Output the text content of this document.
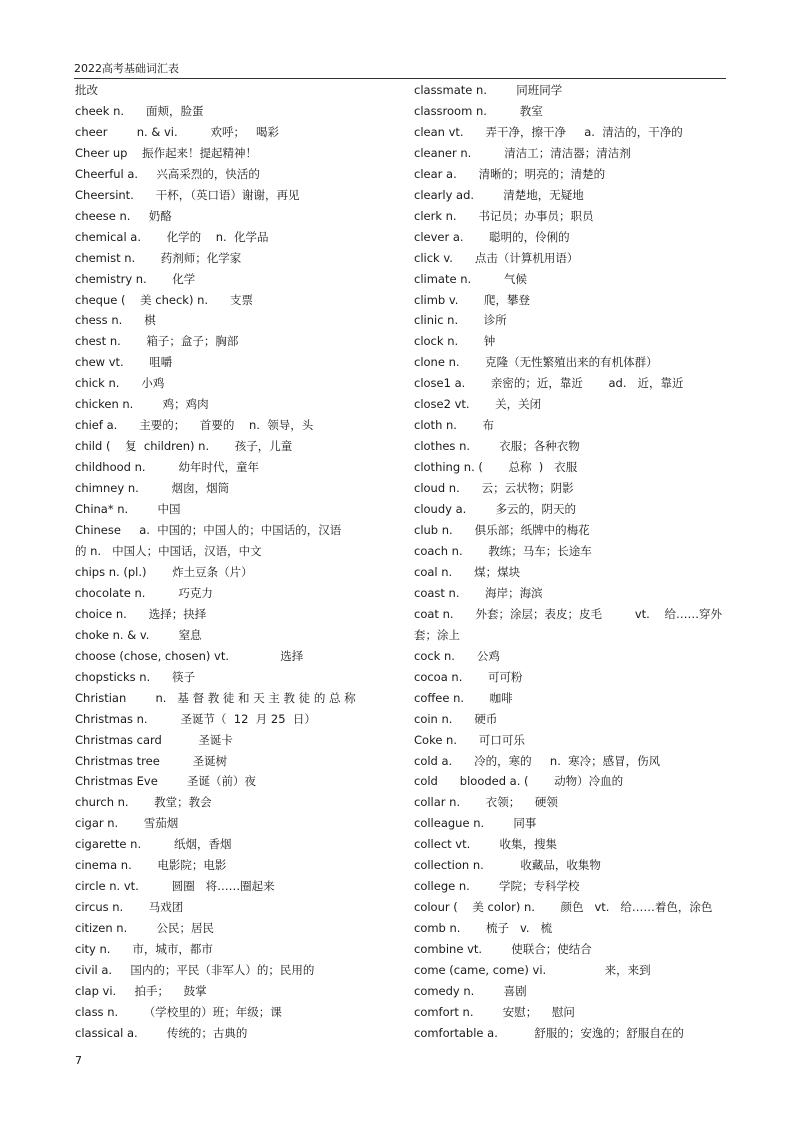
2022高考基础词汇表
批改
cheek n.      面颊，脸蛋
cheer        n. & vi.         欢呼；   喝彩
Cheer up    振作起来！提起精神！
Cheerful a.     兴高采烈的，快活的
Cheersint.      干杯，（英口语）谢谢，再见
cheese n.     奶酪
chemical a.       化学的    n.  化学品
chemist n.       药剂师；化学家
chemistry n.       化学
cheque (    美 check) n.      支票
chess n.      棋
chest n.       箱子；盒子；胸部
chew vt.       咀嚼
chick n.      小鸡
chicken n.        鸡；鸡肉
chief a.      主要的；    首要的    n.  领导，头
child (    复  children) n.       孩子，儿童
childhood n.         幼年时代，童年
chimney n.         烟囱，烟筒
China* n.        中国
Chinese     a.  中国的；中国人的；中国话的，汉语
的 n.   中国人；中国话，汉语，中文
chips n. (pl.)       炸土豆条（片）
chocolate n.         巧克力
choice n.      选择；抉择
choke n. & v.        窒息
choose (chose, chosen) vt.              选择
chopsticks n.      筷子
Christian        n.   基 督 教 徒 和 天 主 教 徒 的 总 称
Christmas n.         圣诞节（  12  月 25  日）
Christmas card          圣诞卡
Christmas tree         圣诞树
Christmas Eve        圣诞（前）夜
church n.       教堂；教会
cigar n.       雪茄烟
cigarette n.         纸烟，香烟
cinema n.       电影院；电影
circle n. vt.         圆圈   将……圈起来
circus n.       马戏团
citizen n.        公民；居民
city n.      市，城市，都市
civil a.     国内的；平民（非军人）的；民用的
clap vi.     拍手；    鼓掌
class n.       （学校里的）班；年级；课
classical a.        传统的；古典的
classmate n.        同班同学
classroom n.         教室
clean vt.      弄干净，擦干净     a.  清洁的，干净的
cleaner n.         清洁工；清洁器；清洁剂
clear a.      清晰的；明亮的；清楚的
clearly ad.        清楚地，无疑地
clerk n.      书记员；办事员；职员
clever a.       聪明的，伶俐的
click v.      点击（计算机用语）
climate n.         气候
climb v.       爬，攀登
clinic n.       诊所
clock n.       钟
clone n.       克隆（无性繁殖出来的有机体群）
close1 a.       亲密的；近，靠近       ad.   近，靠近
close2 vt.       关，关闭
cloth n.       布
clothes n.        衣服；各种衣物
clothing n. (       总称  )   衣服
cloud n.      云；云状物；阴影
cloudy a.        多云的，阴天的
club n.      俱乐部；纸牌中的梅花
coach n.       教练；马车；长途车
coal n.      煤；煤块
coast n.       海岸；海滨
coat n.      外套；涂层；表皮；皮毛         vt.    给……穿外
套；涂上
cock n.      公鸡
cocoa n.       可可粉
coffee n.       咖啡
coin n.      硬币
Coke n.      可口可乐
cold a.      冷的，寒的     n.  寒冷；感冒，伤风
cold      blooded a. (       动物）冷血的
collar n.       衣领；    硬领
colleague n.        同事
collect vt.        收集，搜集
collection n.          收藏品，收集物
college n.        学院；专科学校
colour (    美 color) n.       颜色   vt.   给……着色，涂色
comb n.       梳子   v.   梳
combine vt.        使联合；使结合
come (came, come) vi.                来，来到
comedy n.        喜剧
comfort n.        安慰；    慰问
comfortable a.          舒服的；安逸的；舒服自在的
7
